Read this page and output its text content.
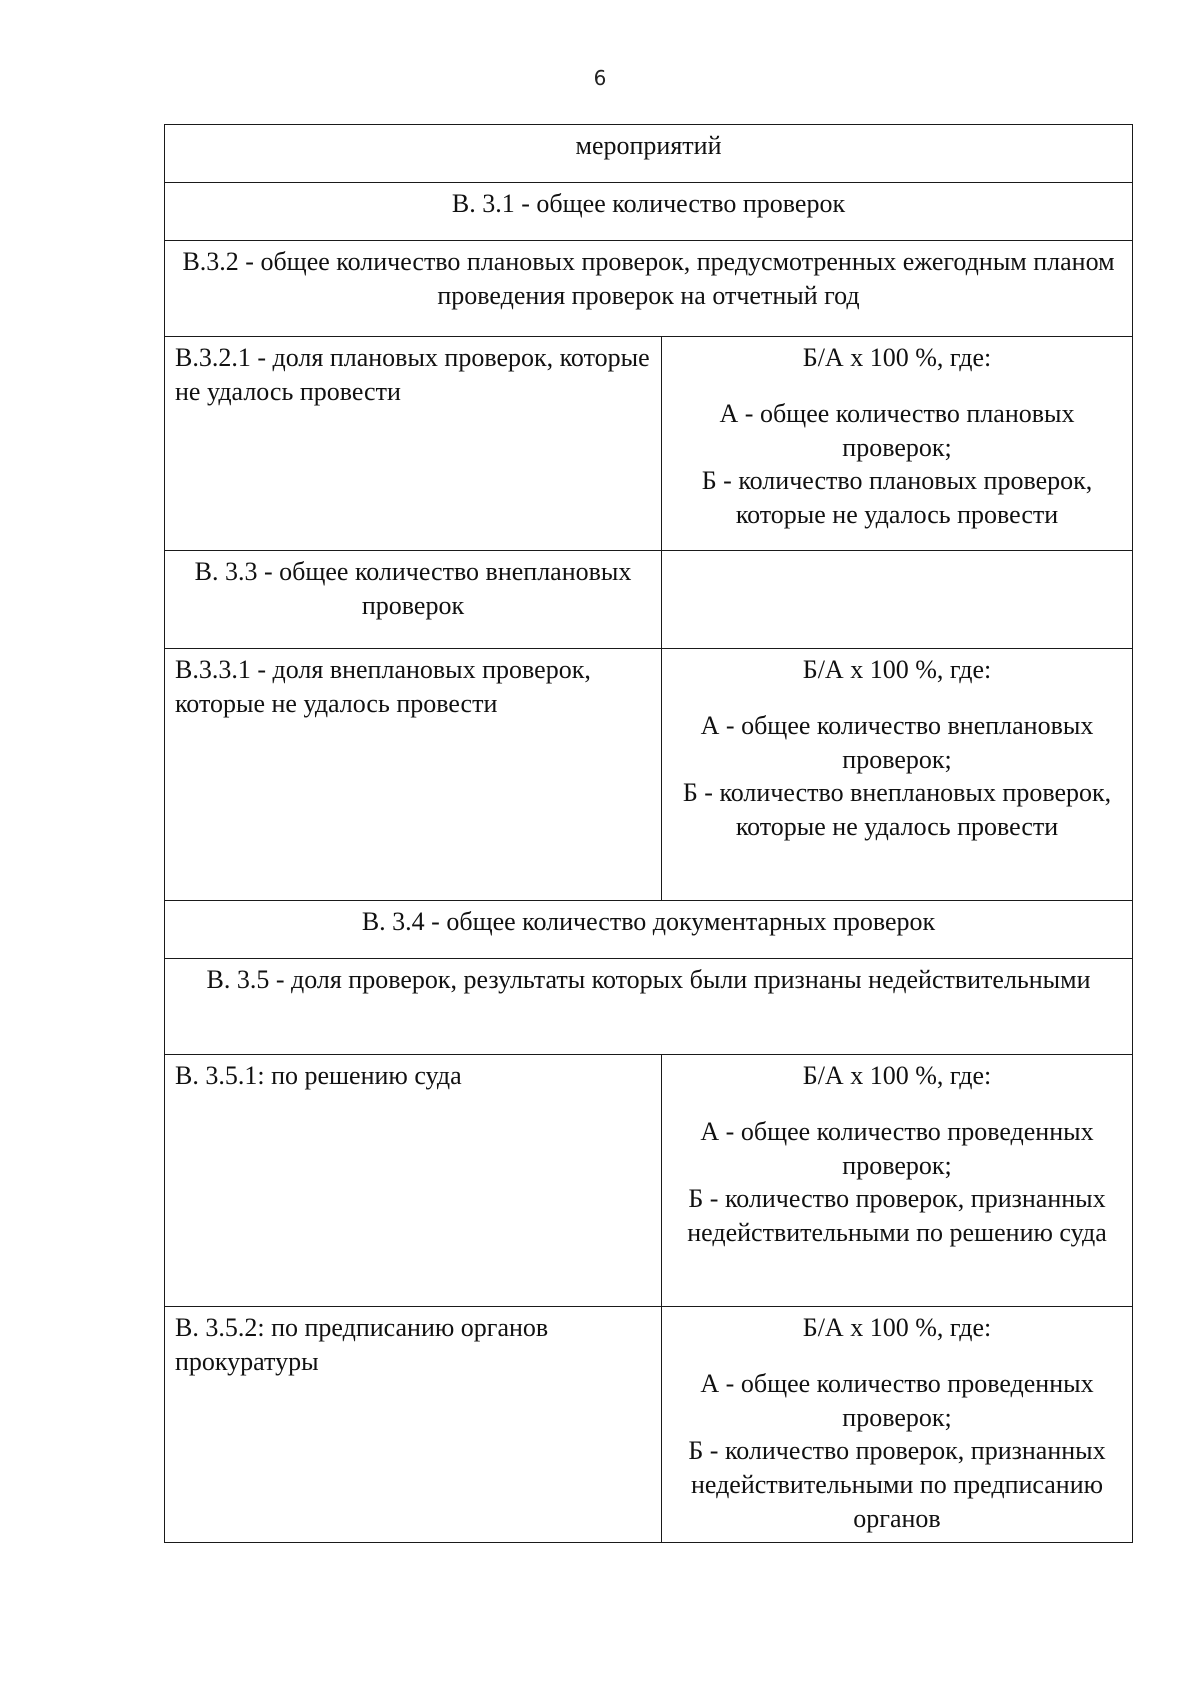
6
мероприятий	
В. 3.1 - общее количество проверок	
В.3.2 - общее количество плановых проверок, предусмотренных ежегодным планом проведения проверок на отчетный год	
В.3.2.1 - доля плановых проверок, которые не удалось провести	Б/А х 100 %, где:
А - общее количество плановых проверок;
Б - количество плановых проверок, которые не удалось провести

В. 3.3 - общее количество внеплановых проверок	
В.3.3.1 - доля внеплановых проверок, которые не удалось провести	Б/А х 100 %, где:
А - общее количество внеплановых проверок;
Б - количество внеплановых проверок, которые не удалось провести

В. 3.4 - общее количество документарных проверок	
В. 3.5 - доля проверок, результаты которых были признаны недействительными	
В. 3.5.1: по решению суда	Б/А х 100 %, где:
А - общее количество проведенных проверок;
Б - количество проверок, признанных недействительными по решению суда

В. 3.5.2: по предписанию органов прокуратуры	Б/А х 100 %, где:
А - общее количество проведенных проверок;
Б - количество проверок, признанных недействительными по предписанию органов
